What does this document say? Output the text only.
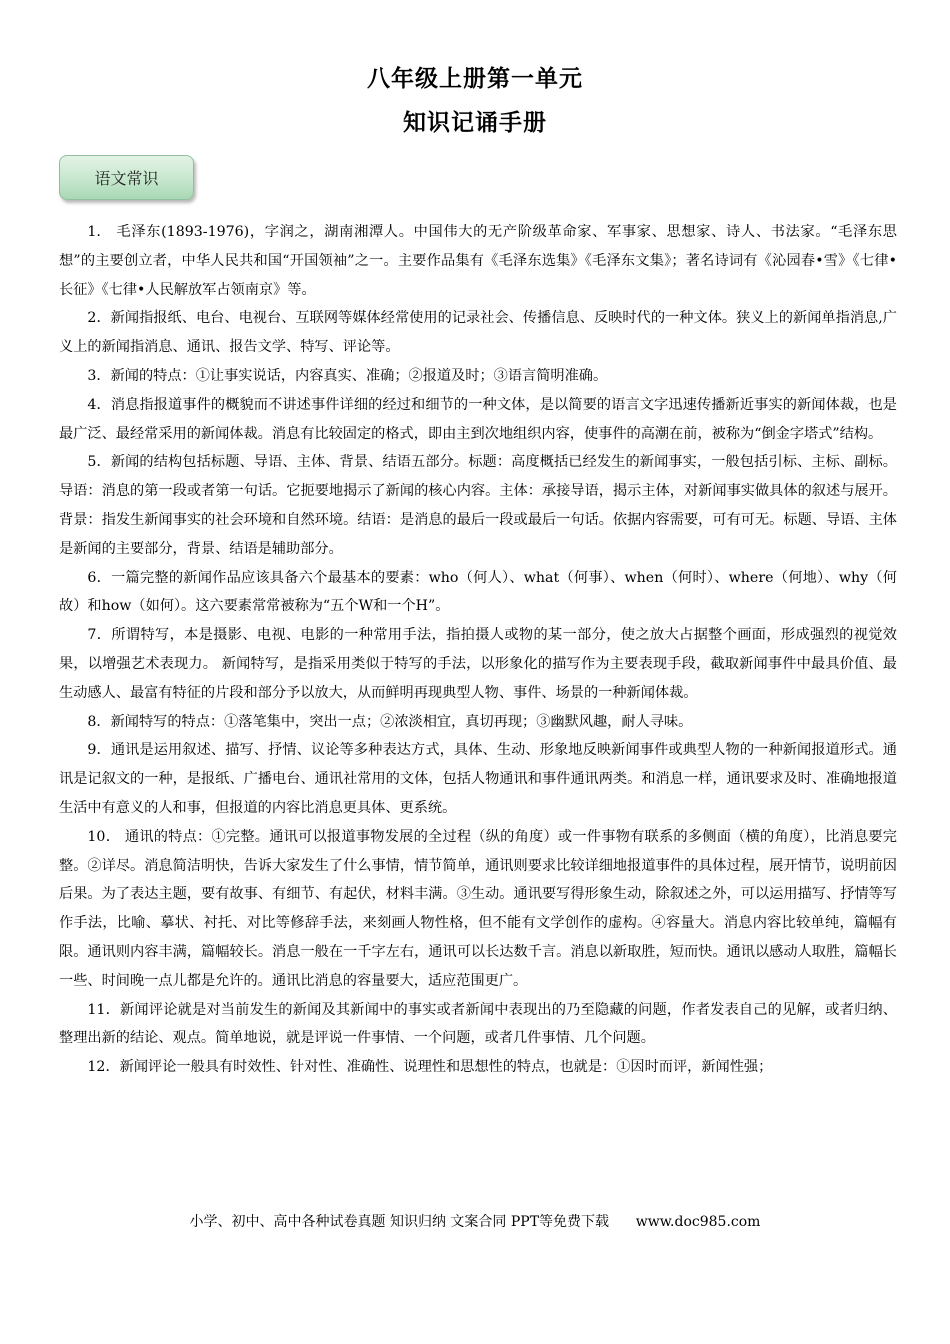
八年级上册第一单元
知识记诵手册
语文常识

1.　毛泽东(1893-1976)，字润之，湖南湘潭人。中国伟大的无产阶级革命家、军事家、思想家、诗人、书法家。“毛泽东思想”的主要创立者，中华人民共和国“开国领袖”之一。主要作品集有《毛泽东选集》《毛泽东文集》；著名诗词有《沁园春•雪》《七律•长征》《七律•人民解放军占领南京》等。

2．新闻指报纸、电台、电视台、互联网等媒体经常使用的记录社会、传播信息、反映时代的一种文体。狭义上的新闻单指消息,广义上的新闻指消息、通讯、报告文学、特写、评论等。

3．新闻的特点：①让事实说话，内容真实、准确；②报道及时；③语言简明准确。

4．消息指报道事件的概貌而不讲述事件详细的经过和细节的一种文体，是以简要的语言文字迅速传播新近事实的新闻体裁，也是最广泛、最经常采用的新闻体裁。消息有比较固定的格式，即由主到次地组织内容，使事件的高潮在前，被称为“倒金字塔式”结构。

5．新闻的结构包括标题、导语、主体、背景、结语五部分。标题：高度概括已经发生的新闻事实，一般包括引标、主标、副标。导语：消息的第一段或者第一句话。它扼要地揭示了新闻的核心内容。主体：承接导语，揭示主体，对新闻事实做具体的叙述与展开。背景：指发生新闻事实的社会环境和自然环境。结语：是消息的最后一段或最后一句话。依据内容需要，可有可无。标题、导语、主体是新闻的主要部分，背景、结语是辅助部分。

6．一篇完整的新闻作品应该具备六个最基本的要素：who（何人）、what（何事）、when（何时）、where（何地）、why（何故）和how（如何）。这六要素常常被称为“五个W和一个H”。

7．所谓特写，本是摄影、电视、电影的一种常用手法，指拍摄人或物的某一部分，使之放大占据整个画面，形成强烈的视觉效果，以增强艺术表现力。 新闻特写，是指采用类似于特写的手法，以形象化的描写作为主要表现手段，截取新闻事件中最具价值、最生动感人、最富有特征的片段和部分予以放大，从而鲜明再现典型人物、事件、场景的一种新闻体裁。

8．新闻特写的特点：①落笔集中，突出一点；②浓淡相宜，真切再现；③幽默风趣，耐人寻味。

9．通讯是运用叙述、描写、抒情、议论等多种表达方式，具体、生动、形象地反映新闻事件或典型人物的一种新闻报道形式。通讯是记叙文的一种，是报纸、广播电台、通讯社常用的文体，包括人物通讯和事件通讯两类。和消息一样，通讯要求及时、准确地报道生活中有意义的人和事，但报道的内容比消息更具体、更系统。

10． 通讯的特点：①完整。通讯可以报道事物发展的全过程（纵的角度）或一件事物有联系的多侧面（横的角度），比消息要完整。②详尽。消息简洁明快，告诉大家发生了什么事情，情节简单，通讯则要求比较详细地报道事件的具体过程，展开情节，说明前因后果。为了表达主题，要有故事、有细节、有起伏，材料丰满。③生动。通讯要写得形象生动，除叙述之外，可以运用描写、抒情等写作手法，比喻、摹状、衬托、对比等修辞手法，来刻画人物性格，但不能有文学创作的虚构。④容量大。消息内容比较单纯，篇幅有限。通讯则内容丰满，篇幅较长。消息一般在一千字左右，通讯可以长达数千言。消息以新取胜，短而快。通讯以感动人取胜，篇幅长一些、时间晚一点儿都是允许的。通讯比消息的容量要大，适应范围更广。

11．新闻评论就是对当前发生的新闻及其新闻中的事实或者新闻中表现出的乃至隐藏的问题，作者发表自己的见解，或者归纳、整理出新的结论、观点。简单地说，就是评说一件事情、一个问题，或者几件事情、几个问题。

12．新闻评论一般具有时效性、针对性、准确性、说理性和思想性的特点，也就是：①因时而评，新闻性强；

小学、初中、高中各种试卷真题 知识归纳 文案合同 PPT等免费下载      www.doc985.com
